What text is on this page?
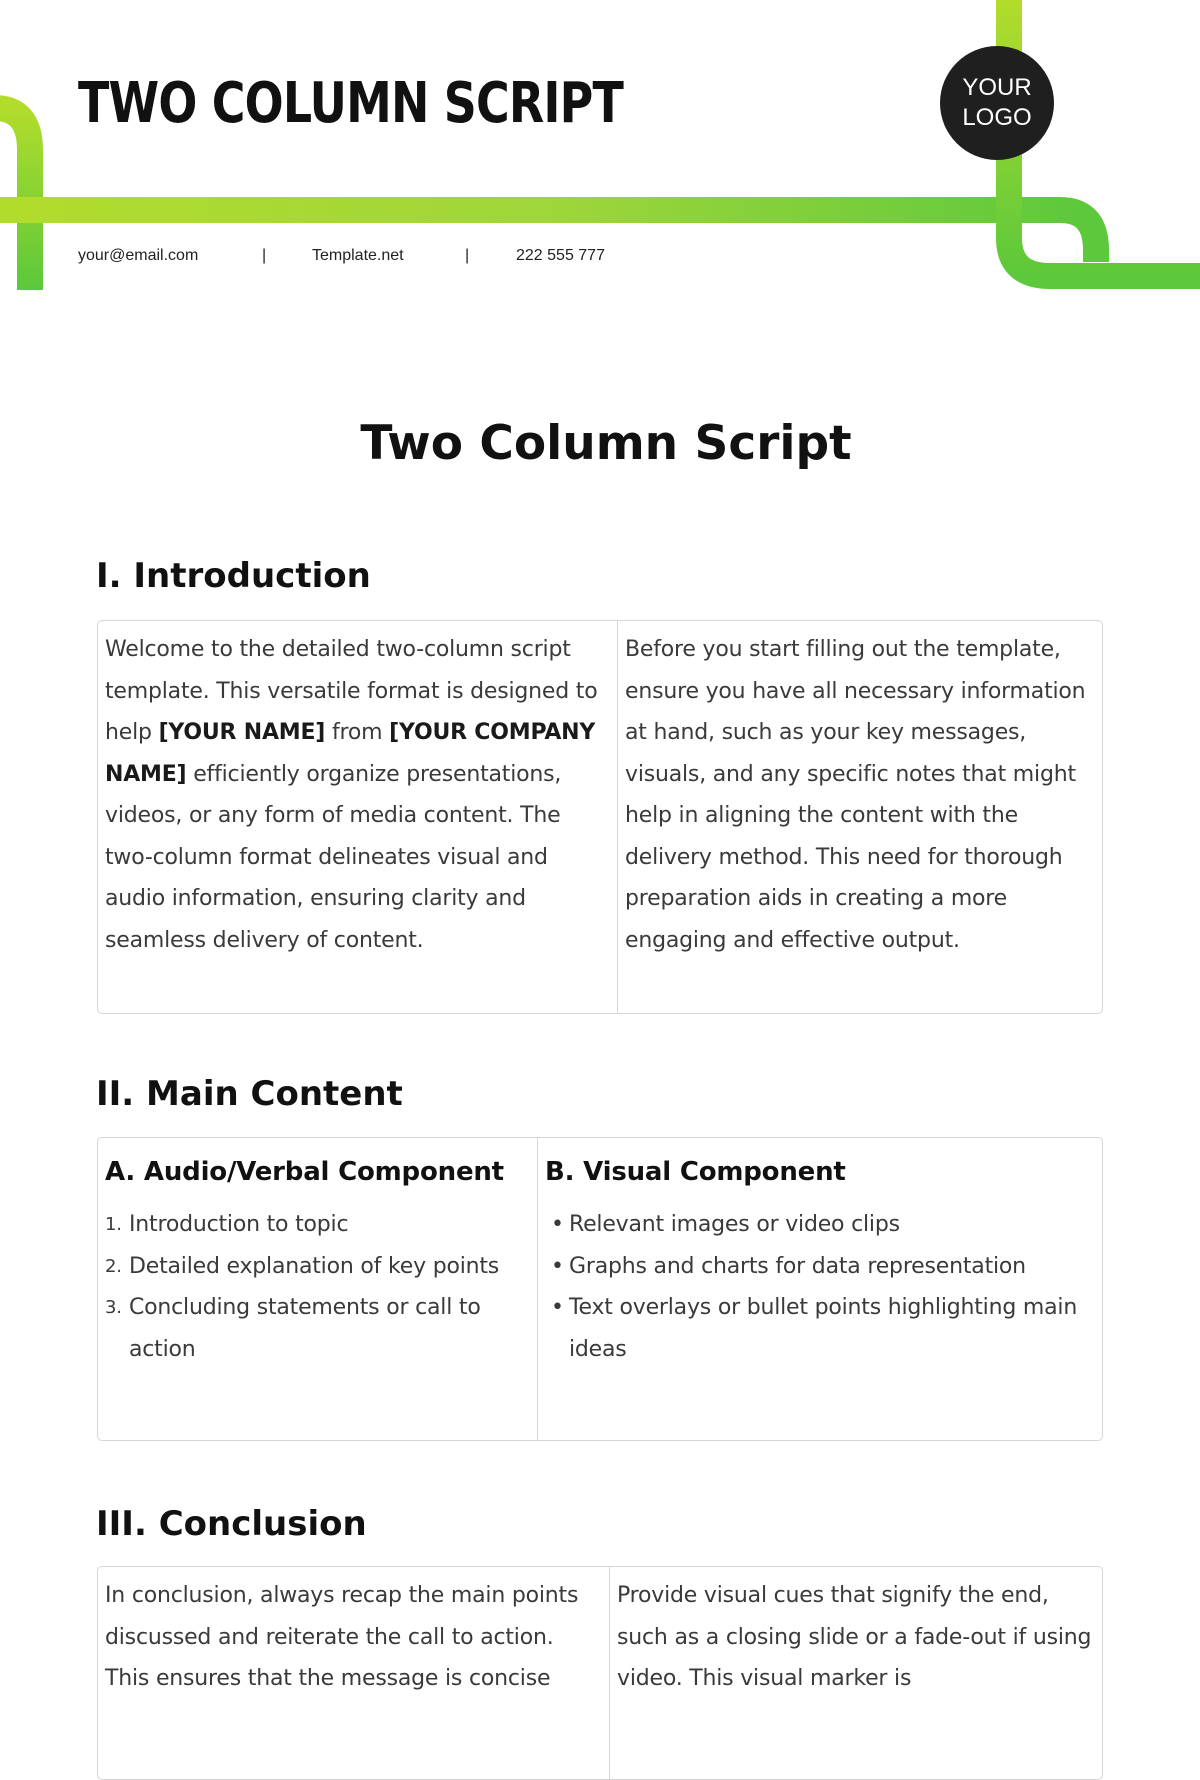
TWO COLUMN SCRIPT	YOUR
LOGO
your@email.com	|	Template.net	|	222 555 777
Two Column Script
I. Introduction

Welcome to the detailed two-column script template. This versatile format is designed to help [YOUR NAME] from [YOUR COMPANY NAME] efficiently organize presentations, videos, or any form of media content. The two-column format delineates visual and audio information, ensuring clarity and seamless delivery of content.

Before you start filling out the template, ensure you have all necessary information at hand, such as your key messages, visuals, and any specific notes that might help in aligning the content with the delivery method. This need for thorough preparation aids in creating a more engaging and effective output.

II. Main Content
A. Audio/Verbal Component
1. Introduction to topic
2. Detailed explanation of key points
3. Concluding statements or call to action

B. Visual Component
• Relevant images or video clips
• Graphs and charts for data representation
• Text overlays or bullet points highlighting main ideas
III. Conclusion

In conclusion, always recap the main points discussed and reiterate the call to action. This ensures that the message is concise

Provide visual cues that signify the end, such as a closing slide or a fade-out if using video. This visual marker is
